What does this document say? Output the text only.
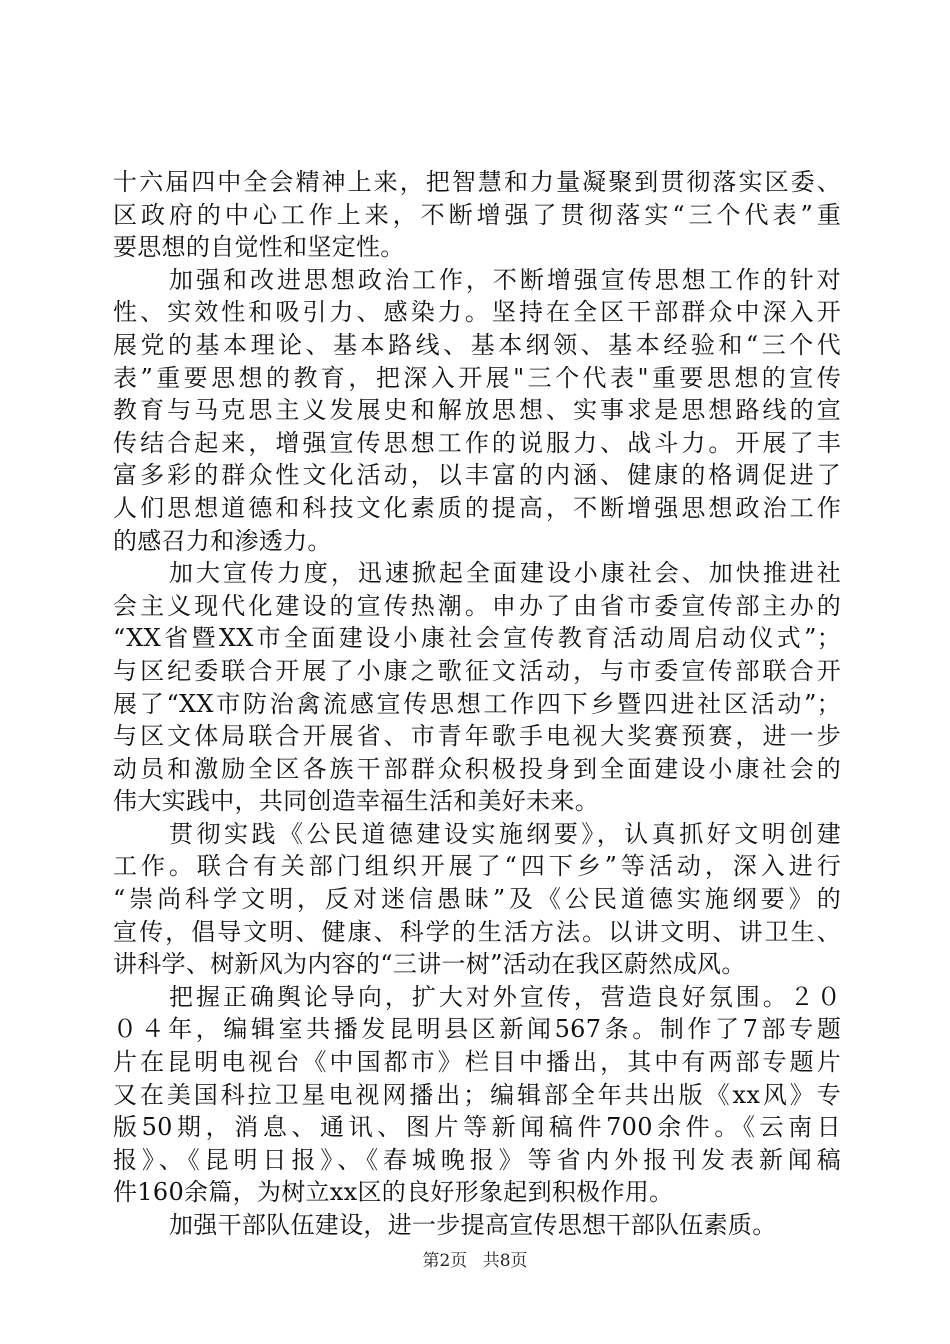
十六届四中全会精神上来，把智慧和力量凝聚到贯彻落实区委、
区政府的中心工作上来，不断增强了贯彻落实“三个代表”重
要思想的自觉性和坚定性。
加强和改进思想政治工作，不断增强宣传思想工作的针对
性、实效性和吸引力、感染力。坚持在全区干部群众中深入开
展党的基本理论、基本路线、基本纲领、基本经验和“三个代
表”重要思想的教育，把深入开展"三个代表"重要思想的宣传
教育与马克思主义发展史和解放思想、实事求是思想路线的宣
传结合起来，增强宣传思想工作的说服力、战斗力。开展了丰
富多彩的群众性文化活动，以丰富的内涵、健康的格调促进了
人们思想道德和科技文化素质的提高，不断增强思想政治工作
的感召力和渗透力。
加大宣传力度，迅速掀起全面建设小康社会、加快推进社
会主义现代化建设的宣传热潮。申办了由省市委宣传部主办的
“XX省暨XX市全面建设小康社会宣传教育活动周启动仪式”；
与区纪委联合开展了小康之歌征文活动，与市委宣传部联合开
展了“XX市防治禽流感宣传思想工作四下乡暨四进社区活动”；
与区文体局联合开展省、市青年歌手电视大奖赛预赛，进一步
动员和激励全区各族干部群众积极投身到全面建设小康社会的
伟大实践中，共同创造幸福生活和美好未来。
贯彻实践《公民道德建设实施纲要》，认真抓好文明创建
工作。联合有关部门组织开展了“四下乡”等活动，深入进行
“崇尚科学文明，反对迷信愚昧”及《公民道德实施纲要》的
宣传，倡导文明、健康、科学的生活方法。以讲文明、讲卫生、
讲科学、树新风为内容的“三讲一树”活动在我区蔚然成风。
把握正确舆论导向，扩大对外宣传，营造良好氛围。２０
０４年，编辑室共播发昆明县区新闻567条。制作了7部专题
片在昆明电视台《中国都市》栏目中播出，其中有两部专题片
又在美国科拉卫星电视网播出；编辑部全年共出版《xx风》专
版50期，消息、通讯、图片等新闻稿件700余件。《云南日
报》、《昆明日报》、《春城晚报》等省内外报刊发表新闻稿
件160余篇，为树立xx区的良好形象起到积极作用。
加强干部队伍建设，进一步提高宣传思想干部队伍素质。
第2页 共8页
